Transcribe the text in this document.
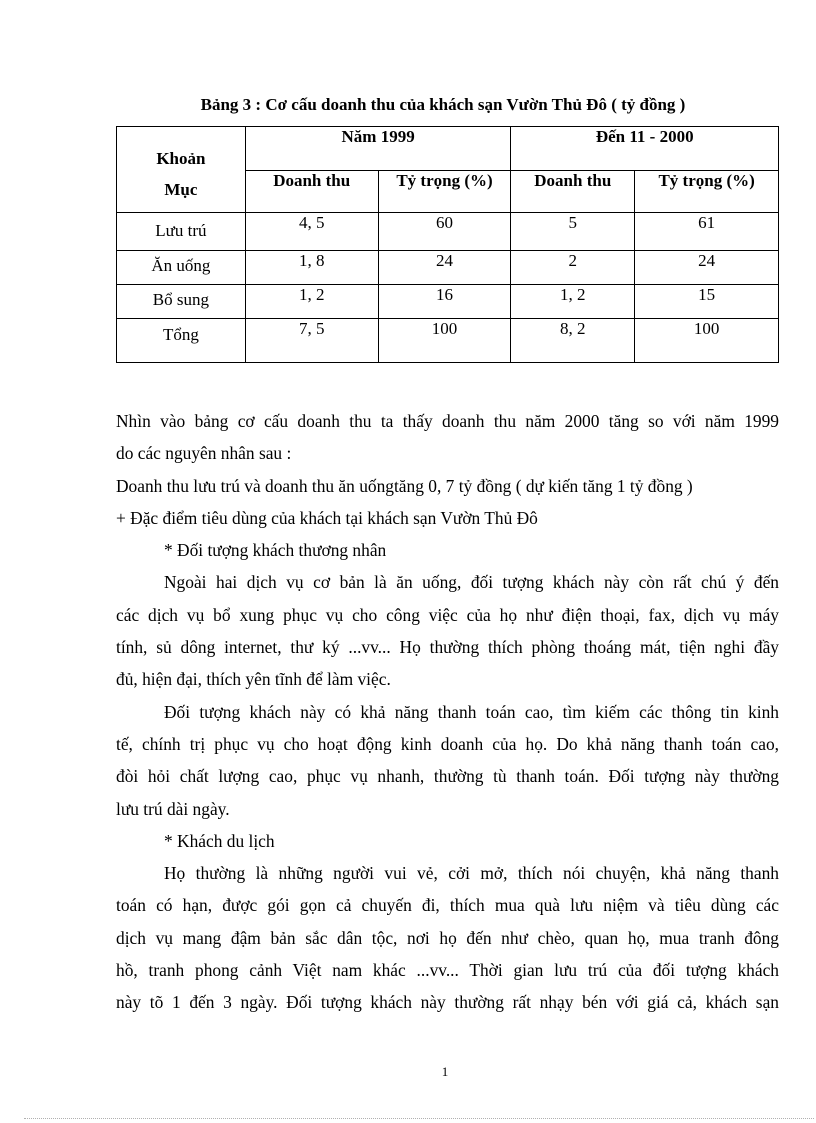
Bảng 3 : Cơ cấu doanh thu của khách sạn Vườn Thủ Đô ( tỷ đồng )
Khoản
Mục	Năm 1999		Đến 11 - 2000	
	Doanh thu	Tỷ trọng (%)	Doanh thu	Tỷ trọng (%)
Lưu trú	4, 5	60	5	61
Ăn uống	1, 8	24	2	24
Bổ sung	1, 2	16	1, 2	15
Tổng	7, 5	100	8, 2	100

Nhìn vào bảng cơ cấu doanh thu ta thấy doanh thu năm 2000 tăng so với năm 1999

do các nguyên nhân sau :

Doanh thu lưu trú và doanh thu ăn uốngtăng 0, 7 tỷ đồng ( dự kiến tăng 1 tỷ đồng )

+ Đặc điểm tiêu dùng của khách tại khách sạn Vườn Thủ Đô

* Đối tượng khách thương nhân

Ngoài hai dịch vụ cơ bản là ăn uống, đối tượng khách này còn rất chú ý đến

các dịch vụ bổ xung phục vụ cho công việc của họ như điện thoại, fax, dịch vụ máy

tính, sủ dông internet, thư ký ...vv... Họ thường thích phòng thoáng mát, tiện nghi đầy

đủ, hiện đại, thích yên tĩnh để làm việc.

Đối tượng khách này có khả năng thanh toán cao, tìm kiếm các thông tin kinh

tế, chính trị phục vụ cho hoạt động kinh doanh của họ. Do khả năng thanh toán cao,

đòi hỏi chất lượng cao, phục vụ nhanh, thường tù thanh toán. Đối tượng này thường

lưu trú dài ngày.

* Khách du lịch

Họ thường là những người vui vẻ, cởi mở, thích nói chuyện, khả năng thanh

toán có hạn, được gói gọn cả chuyến đi, thích mua quà lưu niệm và tiêu dùng các

dịch vụ mang đậm bản sắc dân tộc, nơi họ đến như chèo, quan họ, mua tranh đông

hồ, tranh phong cảnh Việt nam khác ...vv... Thời gian lưu trú của đối tượng khách

này tõ 1 đến 3 ngày. Đối tượng khách này thường rất nhạy bén với giá cả, khách sạn

1
